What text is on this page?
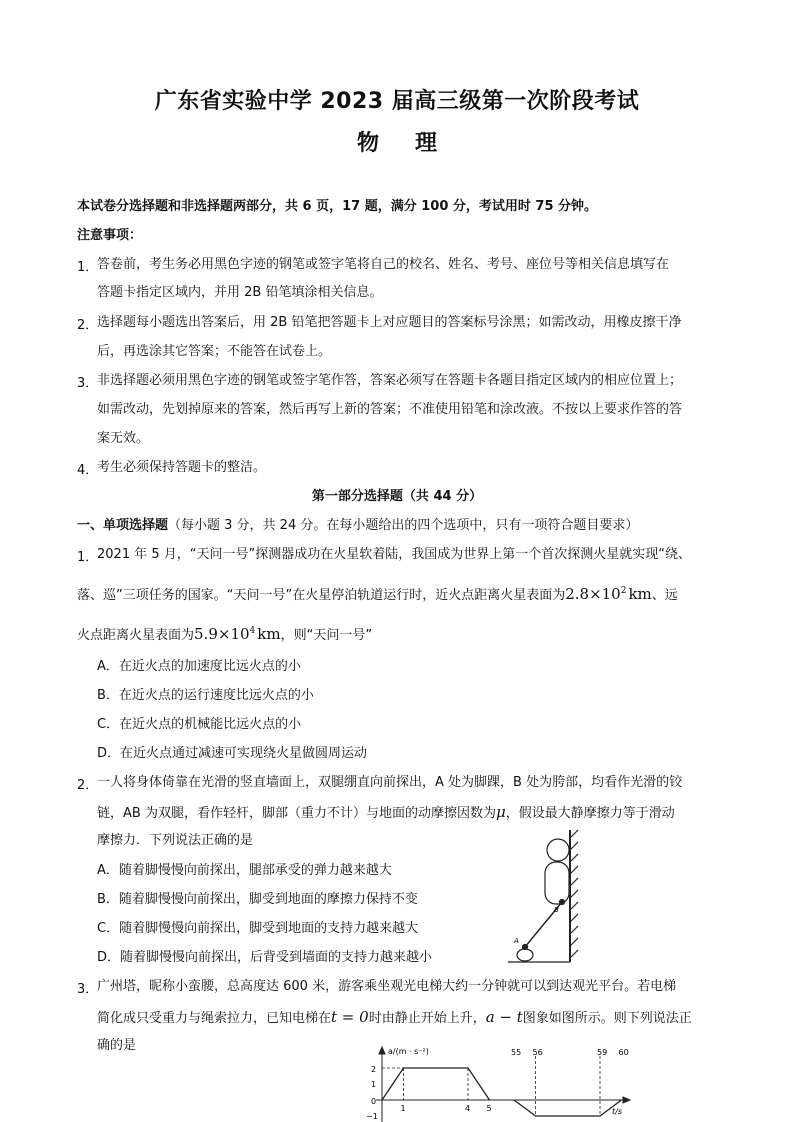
广东省实验中学 2023 届高三级第一次阶段考试
物 理
本试卷分选择题和非选择题两部分，共 6 页，17 题，满分 100 分，考试用时 75 分钟。
注意事项：
1．
答卷前，考生务必用黑色字迹的钢笔或签字笔将自己的校名、姓名、考号、座位号等相关信息填写在
答题卡指定区域内，并用 2B 铅笔填涂相关信息。
2．
选择题每小题选出答案后，用 2B 铅笔把答题卡上对应题目的答案标号涂黑；如需改动，用橡皮擦干净
后，再选涂其它答案；不能答在试卷上。
3．
非选择题必须用黑色字迹的钢笔或签字笔作答，答案必须写在答题卡各题目指定区域内的相应位置上；
如需改动，先划掉原来的答案，然后再写上新的答案；不准使用铅笔和涂改液。不按以上要求作答的答
案无效。
4．
考生必须保持答题卡的整洁。
第一部分选择题（共 44 分）
一、单项选择题（每小题 3 分，共 24 分。在每小题给出的四个选项中，只有一项符合题目要求）
1．
2021 年 5 月，“天问一号”探测器成功在火星软着陆，我国成为世界上第一个首次探测火星就实现“绕、
落、巡”三项任务的国家。“天问一号”在火星停泊轨道运行时，近火点距离火星表面为$2.8\times 10^2$ km、远
火点距离火星表面为$5.9\times 10^4$ km，则“天问一号”
A．在近火点的加速度比远火点的小
B．在近火点的运行速度比远火点的小
C．在近火点的机械能比远火点的小
D．在近火点通过减速可实现绕火星做圆周运动
2．
一人将身体倚靠在光滑的竖直墙面上，双腿绷直向前探出，A 处为脚踝，B 处为胯部，均看作光滑的铰
链，AB 为双腿，看作轻杆，脚部（重力不计）与地面的动摩擦因数为μ，假设最大静摩擦力等于滑动
摩擦力．下列说法正确的是
A．随着脚慢慢向前探出，腿部承受的弹力越来越大
B．随着脚慢慢向前探出，脚受到地面的摩擦力保持不变
C．随着脚慢慢向前探出，脚受到地面的支持力越来越大
D．随着脚慢慢向前探出，后背受到墙面的支持力越来越小
B
A
3．
广州塔，昵称小蛮腰，总高度达 600 米，游客乘坐观光电梯大约一分钟就可以到达观光平台。若电梯
简化成只受重力与绳索拉力，已知电梯在t = 0时由静止开始上升，a − t图象如图所示。则下列说法正
确的是
1	4 5
55 56	59 60
a/(m · s⁻²)
t/s
2
1
0
−1
